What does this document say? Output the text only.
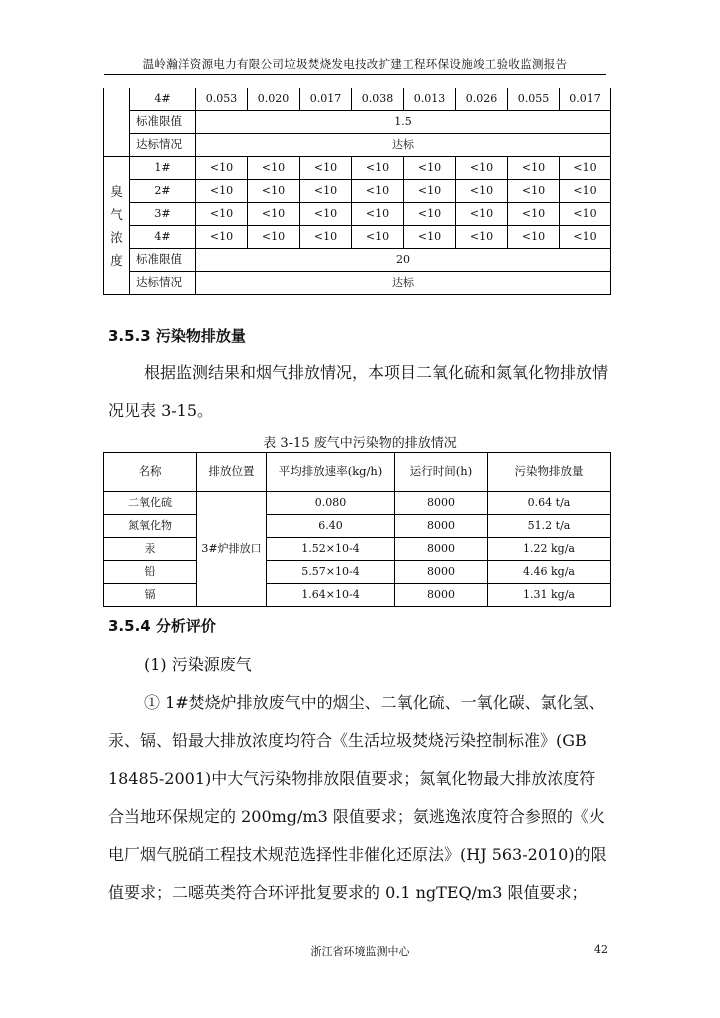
温岭瀚洋资源电力有限公司垃圾焚烧发电技改扩建工程环保设施竣工验收监测报告
	4#	0.053	0.020	0.017	0.038	0.013	0.026	0.055	0.017
	标准限值	1.5							
	达标情况	达标							
臭气浓度	1#	<10	<10	<10	<10	<10	<10	<10	<10
	2#	<10	<10	<10	<10	<10	<10	<10	<10
	3#	<10	<10	<10	<10	<10	<10	<10	<10
	4#	<10	<10	<10	<10	<10	<10	<10	<10
	标准限值	20							
	达标情况	达标							
3.5.3 污染物排放量
根据监测结果和烟气排放情况，本项目二氧化硫和氮氧化物排放情况见表 3-15。
表 3-15 废气中污染物的排放情况
名称	排放位置	平均排放速率(kg/h)	运行时间(h)	污染物排放量
二氧化硫	3#炉排放口	0.080	8000	0.64 t/a
氮氧化物		6.40	8000	51.2 t/a
汞		1.52×10-4	8000	1.22 kg/a
铅		5.57×10-4	8000	4.46 kg/a
镉		1.64×10-4	8000	1.31 kg/a
3.5.4 分析评价
(1) 污染源废气
① 1#焚烧炉排放废气中的烟尘、二氧化硫、一氧化碳、氯化氢、汞、镉、铅最大排放浓度均符合《生活垃圾焚烧污染控制标准》(GB 18485-2001)中大气污染物排放限值要求；氮氧化物最大排放浓度符合当地环保规定的 200mg/m3 限值要求；氨逃逸浓度符合参照的《火电厂烟气脱硝工程技术规范选择性非催化还原法》(HJ 563-2010)的限值要求；二噁英类符合环评批复要求的 0.1 ngTEQ/m3 限值要求；
浙江省环境监测中心	42
